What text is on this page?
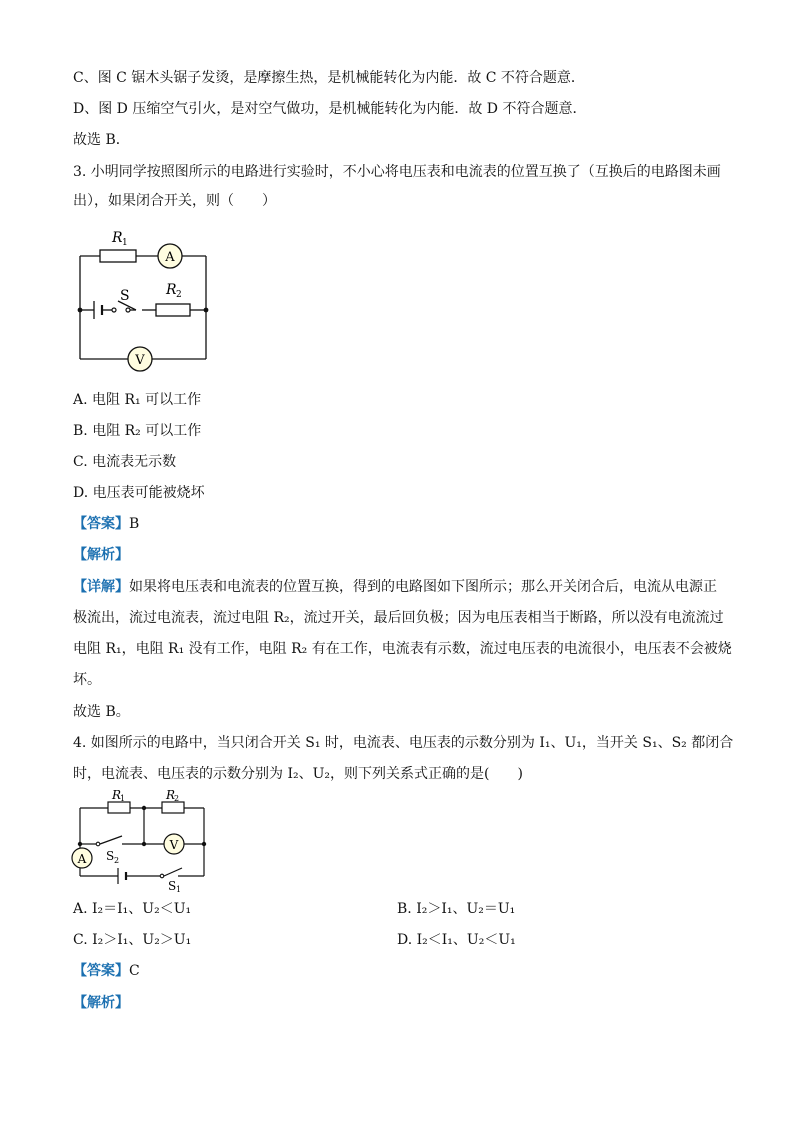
C、图 C 锯木头锯子发烫，是摩擦生热，是机械能转化为内能．故 C 不符合题意．
D、图 D 压缩空气引火，是对空气做功，是机械能转化为内能．故 D 不符合题意．
故选 B．
3. 小明同学按照图所示的电路进行实验时，不小心将电压表和电流表的位置互换了（互换后的电路图未画
出），如果闭合开关，则（　　）
A
V
R 1
S	R 2
A. 电阻 R₁ 可以工作
B. 电阻 R₂ 可以工作
C. 电流表无示数
D. 电压表可能被烧坏
【答案】B
【解析】
【详解】如果将电压表和电流表的位置互换，得到的电路图如下图所示；那么开关闭合后，电流从电源正
极流出，流过电流表，流过电阻 R₂，流过开关，最后回负极；因为电压表相当于断路，所以没有电流流过
电阻 R₁，电阻 R₁ 没有工作，电阻 R₂ 有在工作，电流表有示数，流过电压表的电流很小，电压表不会被烧
坏。
故选 B。
4. 如图所示的电路中，当只闭合开关 S₁ 时，电流表、电压表的示数分别为 I₁、U₁，当开关 S₁、S₂ 都闭合
时，电流表、电压表的示数分别为 I₂、U₂，则下列关系式正确的是(　　)
A
V
R
1	R
2
S 2
S 1
A. I₂＝I₁、U₂＜U₁	B. I₂＞I₁、U₂＝U₁
C. I₂＞I₁、U₂＞U₁	D. I₂＜I₁、U₂＜U₁
【答案】C
【解析】
